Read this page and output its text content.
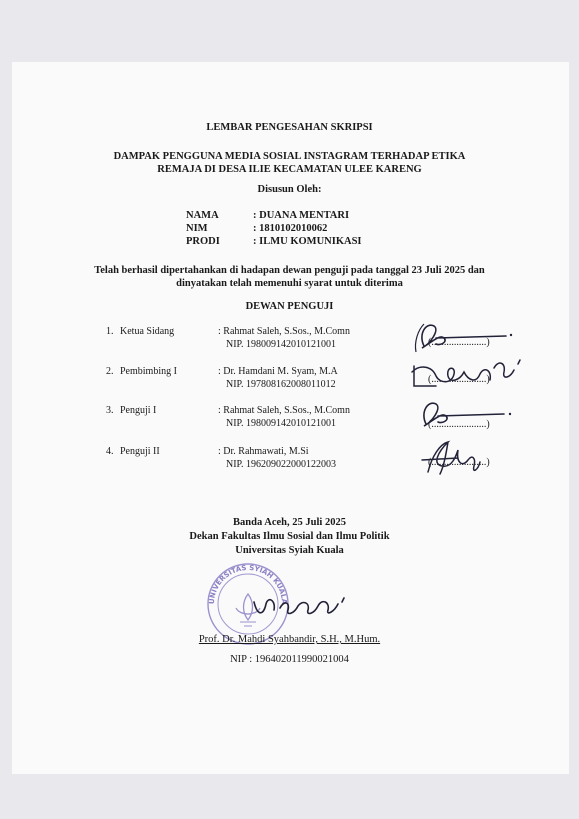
LEMBAR PENGESAHAN SKRIPSI
DAMPAK PENGGUNA MEDIA SOSIAL INSTAGRAM TERHADAP ETIKA
REMAJA DI DESA ILIE KECAMATAN ULEE KARENG
Disusun Oleh:
NAMA	: DUANA MENTARI
NIM	: 1810102010062
PRODI	: ILMU KOMUNIKASI
Telah berhasil dipertahankan di hadapan dewan penguji pada tanggal 23 Juli 2025 dan
dinyatakan telah memenuhi syarat untuk diterima
DEWAN PENGUJI
1. Ketua Sidang	: Rahmat Saleh, S.Sos., M.Comn
NIP. 198009142010121001	(......................)
2. Pembimbing I	: Dr. Hamdani M. Syam, M.A
NIP. 197808162008011012	(......................)
3. Penguji I	: Rahmat Saleh, S.Sos., M.Comn
NIP. 198009142010121001	(......................)
4. Penguji II	: Dr. Rahmawati, M.Si
NIP. 196209022000122003	(......................)
Banda Aceh, 25 Juli 2025
Dekan Fakultas Ilmu Sosial dan Ilmu Politik
Universitas Syiah Kuala
UNIVERSITAS SYIAH KUALA
Prof. Dr. Mahdi Syahbandir, S.H., M.Hum.
NIP : 196402011990021004
